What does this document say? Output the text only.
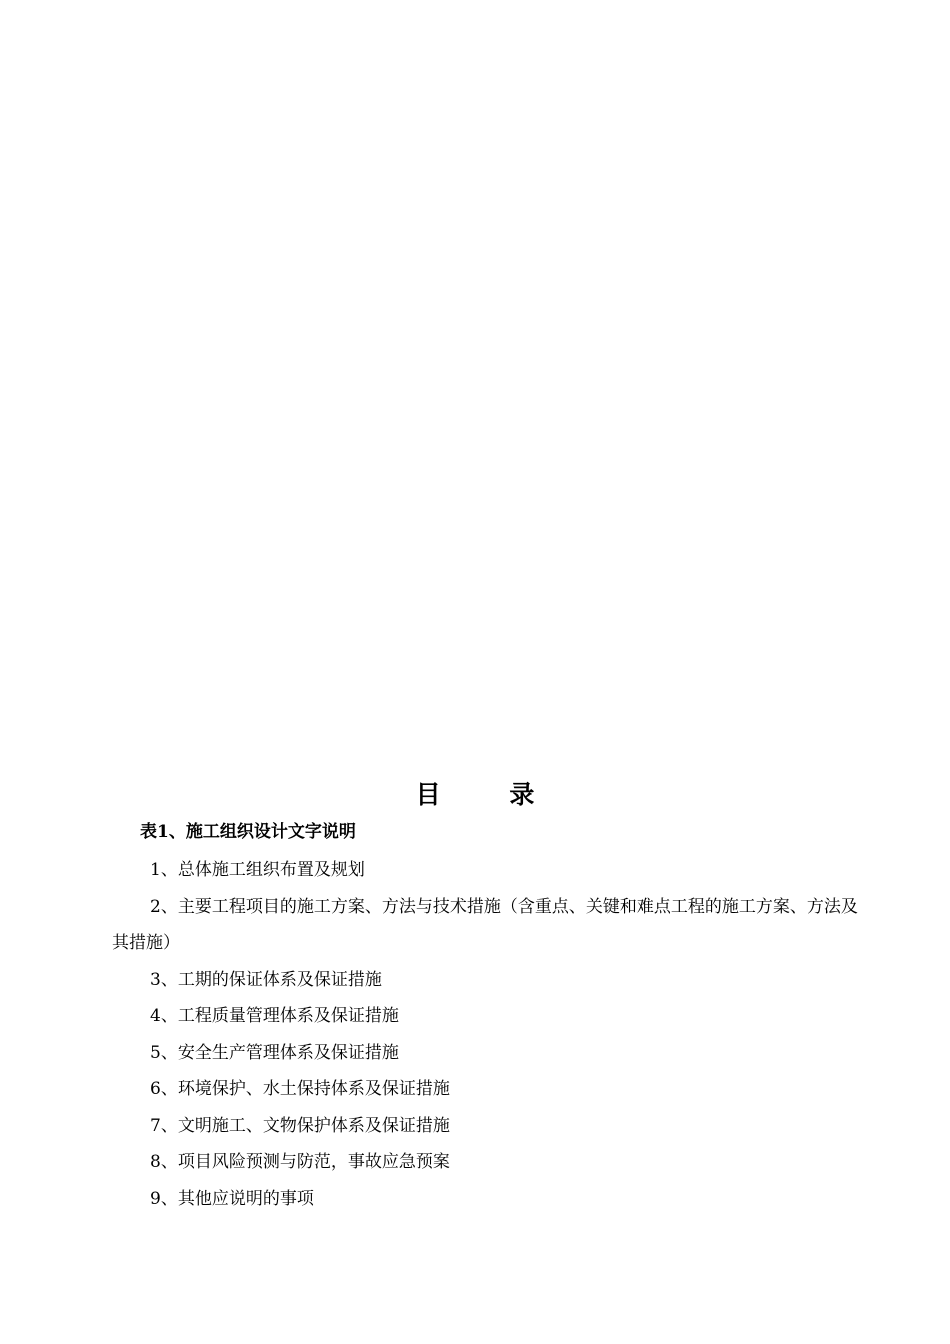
目 录

表1、施工组织设计文字说明

1、总体施工组织布置及规划
2、主要工程项目的施工方案、方法与技术措施（含重点、关键和难点工程的施工方案、方法及其措施）
3、工期的保证体系及保证措施
4、工程质量管理体系及保证措施
5、安全生产管理体系及保证措施
6、环境保护、水土保持体系及保证措施
7、文明施工、文物保护体系及保证措施
8、项目风险预测与防范，事故应急预案
9、其他应说明的事项
